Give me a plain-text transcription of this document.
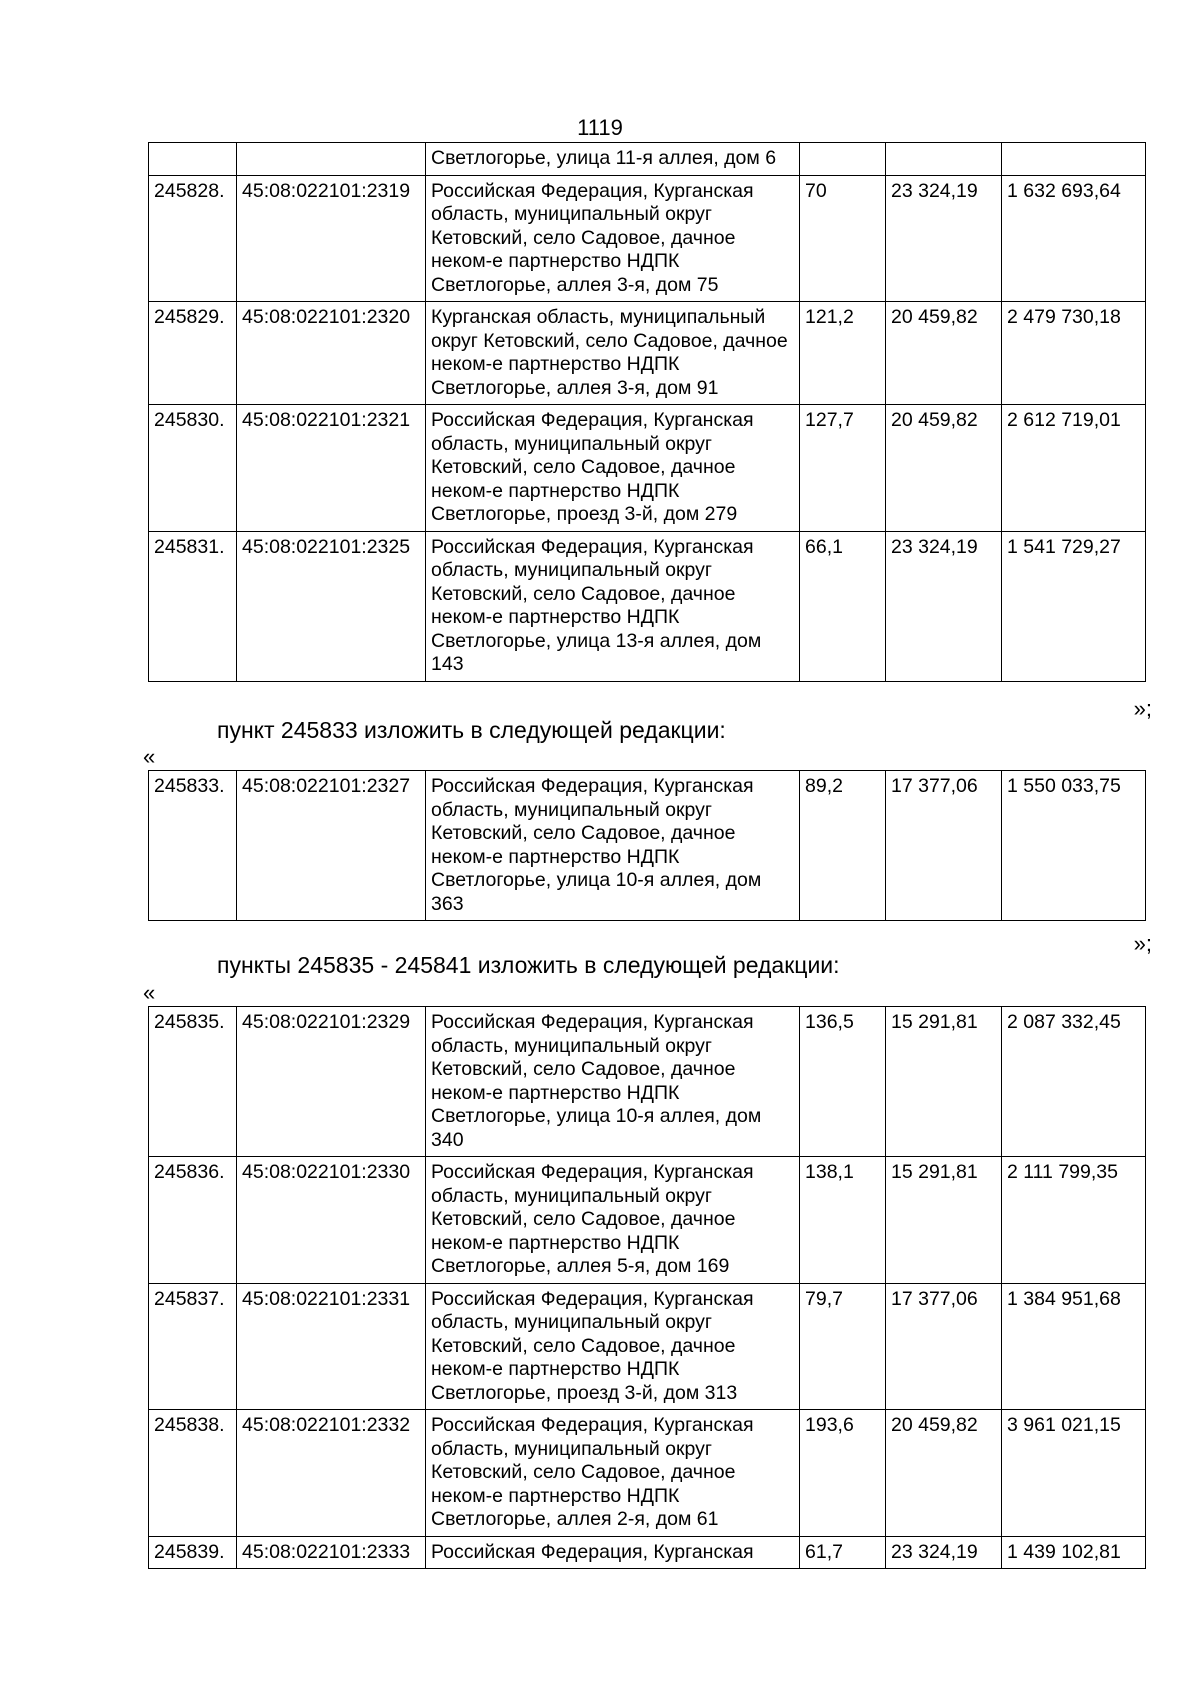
1119
		Светлогорье, улица 11-я аллея, дом 6			
245828.	45:08:022101:2319	Российская Федерация, Курганская область, муниципальный округ Кетовский, село Садовое, дачное неком-е партнерство НДПК Светлогорье, аллея 3-я, дом 75	70	23 324,19	1 632 693,64
245829.	45:08:022101:2320	Курганская область, муниципальный округ Кетовский, село Садовое, дачное неком-е партнерство НДПК Светлогорье, аллея 3-я, дом 91	121,2	20 459,82	2 479 730,18
245830.	45:08:022101:2321	Российская Федерация, Курганская область, муниципальный округ Кетовский, село Садовое, дачное неком-е партнерство НДПК Светлогорье, проезд 3-й, дом 279	127,7	20 459,82	2 612 719,01
245831.	45:08:022101:2325	Российская Федерация, Курганская область, муниципальный округ Кетовский, село Садовое, дачное неком-е партнерство НДПК Светлогорье, улица 13-я аллея, дом 143	66,1	23 324,19	1 541 729,27
»;
пункт 245833 изложить в следующей редакции:
«
245833.	45:08:022101:2327	Российская Федерация, Курганская область, муниципальный округ Кетовский, село Садовое, дачное неком-е партнерство НДПК Светлогорье, улица 10-я аллея, дом 363	89,2	17 377,06	1 550 033,75
»;
пункты 245835 - 245841 изложить в следующей редакции:
«
245835.	45:08:022101:2329	Российская Федерация, Курганская область, муниципальный округ Кетовский, село Садовое, дачное неком-е партнерство НДПК Светлогорье, улица 10-я аллея, дом 340	136,5	15 291,81	2 087 332,45
245836.	45:08:022101:2330	Российская Федерация, Курганская область, муниципальный округ Кетовский, село Садовое, дачное неком-е партнерство НДПК Светлогорье, аллея 5-я, дом 169	138,1	15 291,81	2 111 799,35
245837.	45:08:022101:2331	Российская Федерация, Курганская область, муниципальный округ Кетовский, село Садовое, дачное неком-е партнерство НДПК Светлогорье, проезд 3-й, дом 313	79,7	17 377,06	1 384 951,68
245838.	45:08:022101:2332	Российская Федерация, Курганская область, муниципальный округ Кетовский, село Садовое, дачное неком-е партнерство НДПК Светлогорье, аллея 2-я, дом 61	193,6	20 459,82	3 961 021,15
245839.	45:08:022101:2333	Российская Федерация, Курганская	61,7	23 324,19	1 439 102,81
